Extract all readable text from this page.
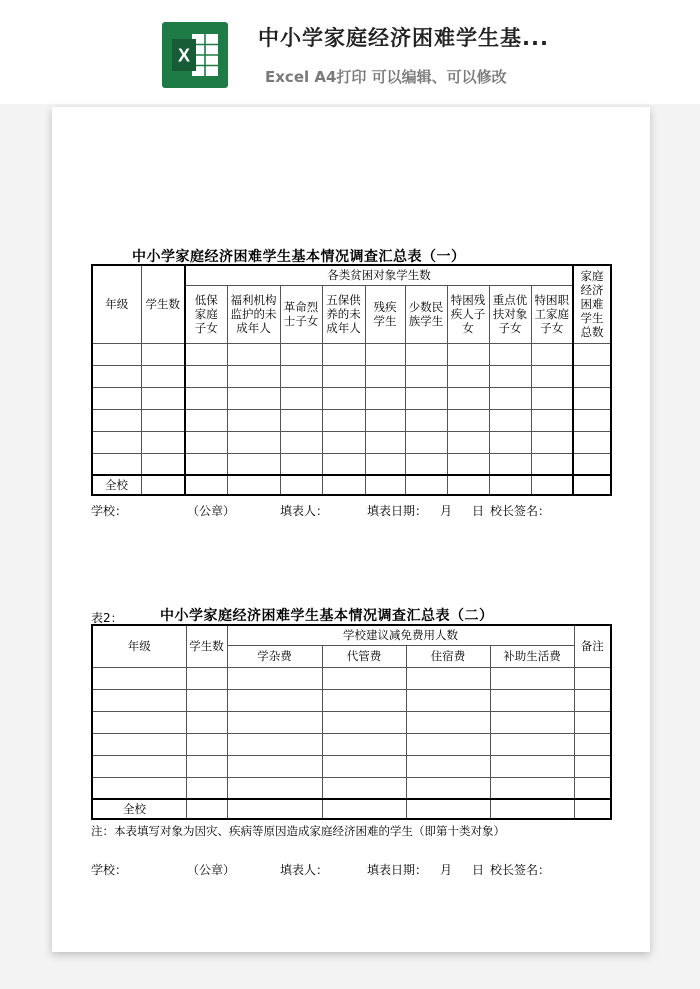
X
中小学家庭经济困难学生基...
Excel A4打印 可以编辑、可以修改
中小学家庭经济困难学生基本情况调查汇总表（一）
年级	学生数	各类贫困对象学生数									家庭经济困难学生总数

		低保家庭子女	福利机构监护的未成年人	革命烈士子女	五保供养的未成年人	残疾学生	少数民族学生	特困残疾人子女	重点优扶对象子女	特困职工家庭子女	

全校											
学校：	（公章）	填表人：	填表日期： 月 日 校长签名：
表2：	中小学家庭经济困难学生基本情况调查汇总表（二）
年级	学生数	学校建议减免费用人数				备注
		学杂费	代管费	住宿费	补助生活费	

全校						
注：本表填写对象为因灾、疾病等原因造成家庭经济困难的学生（即第十类对象）
学校：	（公章）	填表人：	填表日期： 月 日 校长签名：
